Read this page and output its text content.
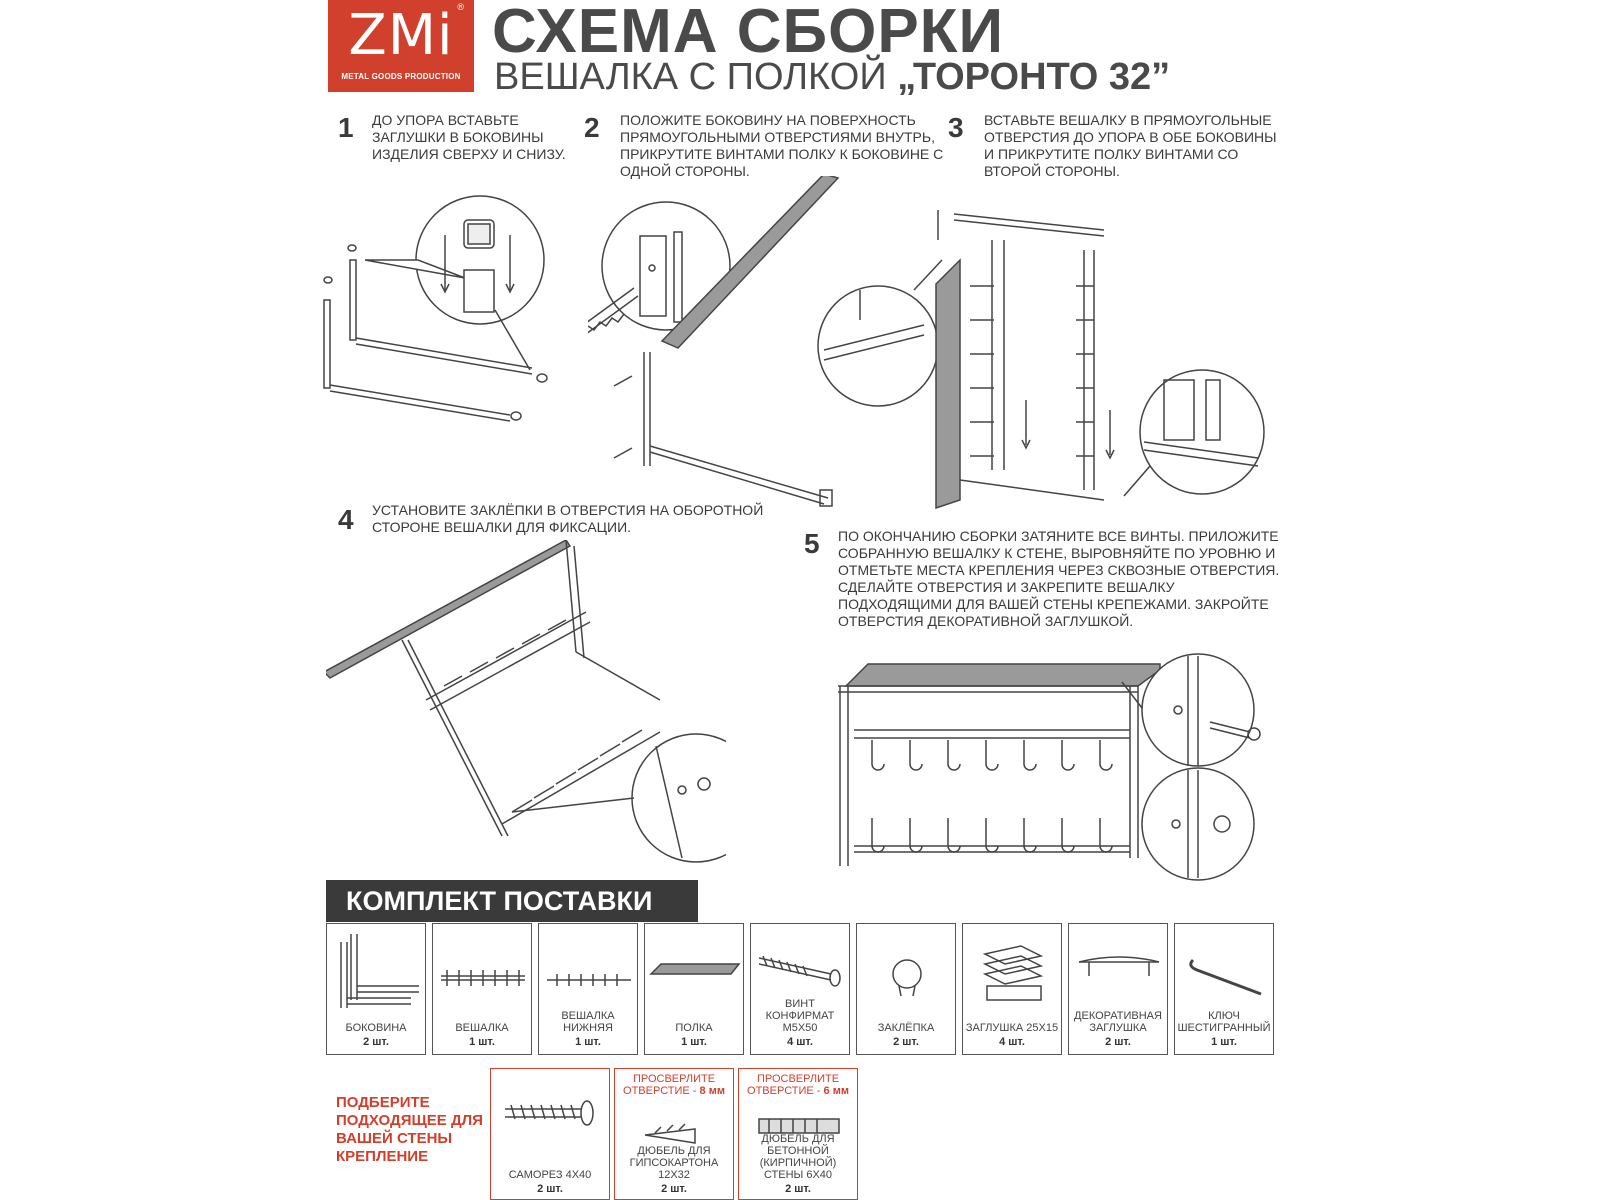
ZMi ®
METAL GOODS PRODUCTION
СХЕМА СБОРКИ
ВЕШАЛКА С ПОЛКОЙ „ТОРОНТО 32”
1 ДО УПОРА ВСТАВЬТЕ ЗАГЛУШКИ В БОКОВИНЫ ИЗДЕЛИЯ СВЕРХУ И СНИЗУ.
2 ПОЛОЖИТЕ БОКОВИНУ НА ПОВЕРХНОСТЬ ПРЯМОУГОЛЬНЫМИ ОТВЕРСТИЯМИ ВНУТРЬ, ПРИКРУТИТЕ ВИНТАМИ ПОЛКУ К БОКОВИНЕ С ОДНОЙ СТОРОНЫ.
3 ВСТАВЬТЕ ВЕШАЛКУ В ПРЯМОУГОЛЬНЫЕ ОТВЕРСТИЯ ДО УПОРА В ОБЕ БОКОВИНЫ И ПРИКРУТИТЕ ПОЛКУ ВИНТАМИ СО ВТОРОЙ СТОРОНЫ.
4 УСТАНОВИТЕ ЗАКЛЁПКИ В ОТВЕРСТИЯ НА ОБОРОТНОЙ СТОРОНЕ ВЕШАЛКИ ДЛЯ ФИКСАЦИИ.
5 ПО ОКОНЧАНИЮ СБОРКИ ЗАТЯНИТЕ ВСЕ ВИНТЫ. ПРИЛОЖИТЕ СОБРАННУЮ ВЕШАЛКУ К СТЕНЕ, ВЫРОВНЯЙТЕ ПО УРОВНЮ И ОТМЕТЬТЕ МЕСТА КРЕПЛЕНИЯ ЧЕРЕЗ СКВОЗНЫЕ ОТВЕРСТИЯ. СДЕЛАЙТЕ ОТВЕРСТИЯ И ЗАКРЕПИТЕ ВЕШАЛКУ ПОДХОДЯЩИМИ ДЛЯ ВАШЕЙ СТЕНЫ КРЕПЕЖАМИ. ЗАКРОЙТЕ ОТВЕРСТИЯ ДЕКОРАТИВНОЙ ЗАГЛУШКОЙ.
КОМПЛЕКТ ПОСТАВКИ
БОКОВИНА
2 шт.
ВЕШАЛКА
1 шт.
ВЕШАЛКА НИЖНЯЯ
1 шт.
ПОЛКА
1 шт.
ВИНТ КОНФИРМАТ М5Х50
4 шт.
ЗАКЛЁПКА
2 шт.
ЗАГЛУШКА 25Х15
4 шт.
ДЕКОРАТИВНАЯ ЗАГЛУШКА
2 шт.
КЛЮЧ ШЕСТИГРАННЫЙ
1 шт.
ПОДБЕРИТЕ ПОДХОДЯЩЕЕ ДЛЯ ВАШЕЙ СТЕНЫ КРЕПЛЕНИЕ
САМОРЕЗ 4Х40
2 шт.
ПРОСВЕРЛИТЕ ОТВЕРСТИЕ - 8 мм
ДЮБЕЛЬ ДЛЯ ГИПСОКАРТОНА 12Х32
2 шт.
ПРОСВЕРЛИТЕ ОТВЕРСТИЕ - 6 мм
ДЮБЕЛЬ ДЛЯ БЕТОННОЙ (КИРПИЧНОЙ) СТЕНЫ 6Х40
2 шт.
